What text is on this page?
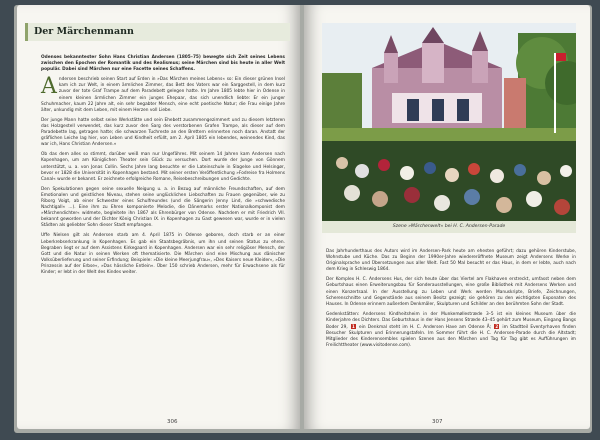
Der Märchenmann

Odenses bekanntester Sohn Hans Christian Andersen (1805–75) bewegte sich Zeit seines Lebens zwischen den Epochen der Romantik und des Realismus; seine Märchen sind bis heute in aller Welt populär. Dabei sind Märchen nur eine Facette seines Schaffens.

Andersen beschrieb seinen Start auf Erden in »Das Märchen meines Lebens« so: Ein dieser grünen Insel kam ich zur Welt, in einem ärmlichen Zimmer, das Bett des Vaters war ein Sarggestell, in dem kurz zuvor der tote Graf Trampe auf dem Paradebett gelegen hatte. Im Jahre 1805 lebte hier in Odense in einem kleinen ärmlichen Zimmer ein junges Ehepaar, das sich unendlich liebte: Er ein junger Schuhmacher, kaum 22 Jahre alt, ein sehr begabter Mensch, eine echt poetische Natur; die Frau einige Jahre älter, unkundig mit dem Leben, mit einem Herzen voll Liebe.

Der junge Mann hatte selbst seine Werkstätte und sein Ehebett zusammengezimmert und zu diesem letzteren das Holzgestell verwendet, das kurz zuvor den Sarg des verstorbenen Grafen Trampe, als dieser auf dem Paradebette lag, getragen hatte; die schwarzen Tuchreste an den Brettern erinnerten noch daran. Anstatt der gräflichen Leiche lag hier, von Leben und Kindheit erfüllt, am 2. April 1805 ein lebendes, weinendes Kind, das war ich, Hans Christian Andersen.«

Ob das dem alles so stimmt, darüber weiß man nur Ungefähres. Mit seinem 14 Jahren kam Andersen nach Kopenhagen, um am Königlichen Theater sein Glück zu versuchen. Dort wurde der Junge von Gönnern unterstützt, u. a. von Jonas Collin. Sechs Jahre lang besuchte er die Lateinschule in Slagelse und Helsingør, bevor er 1828 die Universität in Kopenhagen bestand. Mit seiner ersten Veröffentlichung »Fodreise fra Holmens Canal« wurde er bekannt. Er zeichnete erfolgreiche Romane, Reisebeschreibungen und Gedichte.

Den Spekulationen gegen seine sexuelle Neigung u. a. in Bezug auf männliche Freundschaften, auf dem Emotionalen und geistlichen Niveau, stehen seine unglücklichen Liebschaften zu Frauen gegenüber, wie zu Riborg Voigt, ab einer Schwester eines Schulfreundes (und die Sängerin Jenny Lind, die »schwedische Nachtigall« ...). Eine ihm zu Ehren komponierte Melodie, die Dänemarks erster Nationalkomponist dem »Märchendichter« widmete, begleitete ihn 1867 als Ehrenbürger von Odense. Nachdem er mit Friedrich VII. bekannt geworden und der Dichter König Christian IX. in Kopenhagen zu Gast gewesen war, wurde er in vielen Städten als geliebter Sohn dieser Stadt empfangen.

Uffe Nielsen gilt als Andersen starb am 4. April 1875 in Odense geboren, doch starb er an einer Leberkrebserkrankung in Kopenhagen. Es gab ein Staatsbegräbnis, um ihn und seinen Status zu ehren. Begraben liegt er auf dem Assistens Kirkegaard in Kopenhagen. Andersen war ein sehr religiöser Mensch, der Gott und die Natur in seinen Werken oft thematisierte. Die Märchen sind eine Mischung aus dänischer Volksüberlieferung und seiner Erfindung; Beispiele: »Die kleine Meerjungfrau«, »Des Kaisers neue Kleider«, »Die Prinzessin auf der Erbse«, »Das hässliche Entlein«. Über 150 schrieb Andersen, mehr für Erwachsene als für Kinder; er lebt in der Welt des Kindes weiter.

306
Szene »Märchenwelt« bei H. C. Andersen-Parade

Das Jahrhunderthaus des Autors wird im Andersen-Park heute am ehesten geführt; dazu gehören Kinderstube, Wohnstube und Küche. Das zu Beginn der 1990er-Jahre wiedereröffnete Museum zeigt Andersens Werke in Originalsprache und Übersetzungen aus aller Welt. Fast 50 Mal besucht er das Haus, in dem er lebte, auch nach dem Krieg in Schleswig 1864.

Der Komplex H. C. Andersens Hus, der sich heute über das Viertel am Flakhaven erstreckt, umfasst neben dem Geburtshaus einen Erweiterungsbau für Sonderausstellungen, eine große Bibliothek mit Andersens Werken und einen Konzertsaal. In der Ausstellung zu Leben und Werk werden Manuskripte, Briefe, Zeichnungen, Scherenschnitte und Gegenstände aus seinem Besitz gezeigt; sie gehören zu den wichtigsten Exponaten des Hauses. In Odense erinnern außerdem Denkmäler, Skulpturen und Schilder an den berühmten Sohn der Stadt.

Gedenkstätten: Andersens Kindheitsheim in der Munkemøllestræde 3–5 ist ein kleines Museum über die Kinderjahre des Dichters. Das Geburtshaus in der Hans Jensens Stræde 43–45 gehört zum Museum, Eingang Bangs Boder 29, 1 ein Denkmal steht im H. C. Andersen Have am Odense Å; 2 im Stadtteil Eventyrhaven finden Besucher Skulpturen und Erinnerungstafeln. Im Sommer führt die H. C. Andersen-Parade durch die Altstadt; Mitglieder des Kinderensembles spielen Szenen aus den Märchen und Tag für Tag gibt es Aufführungen im Freilichttheater (www.visitodense.com).

307
